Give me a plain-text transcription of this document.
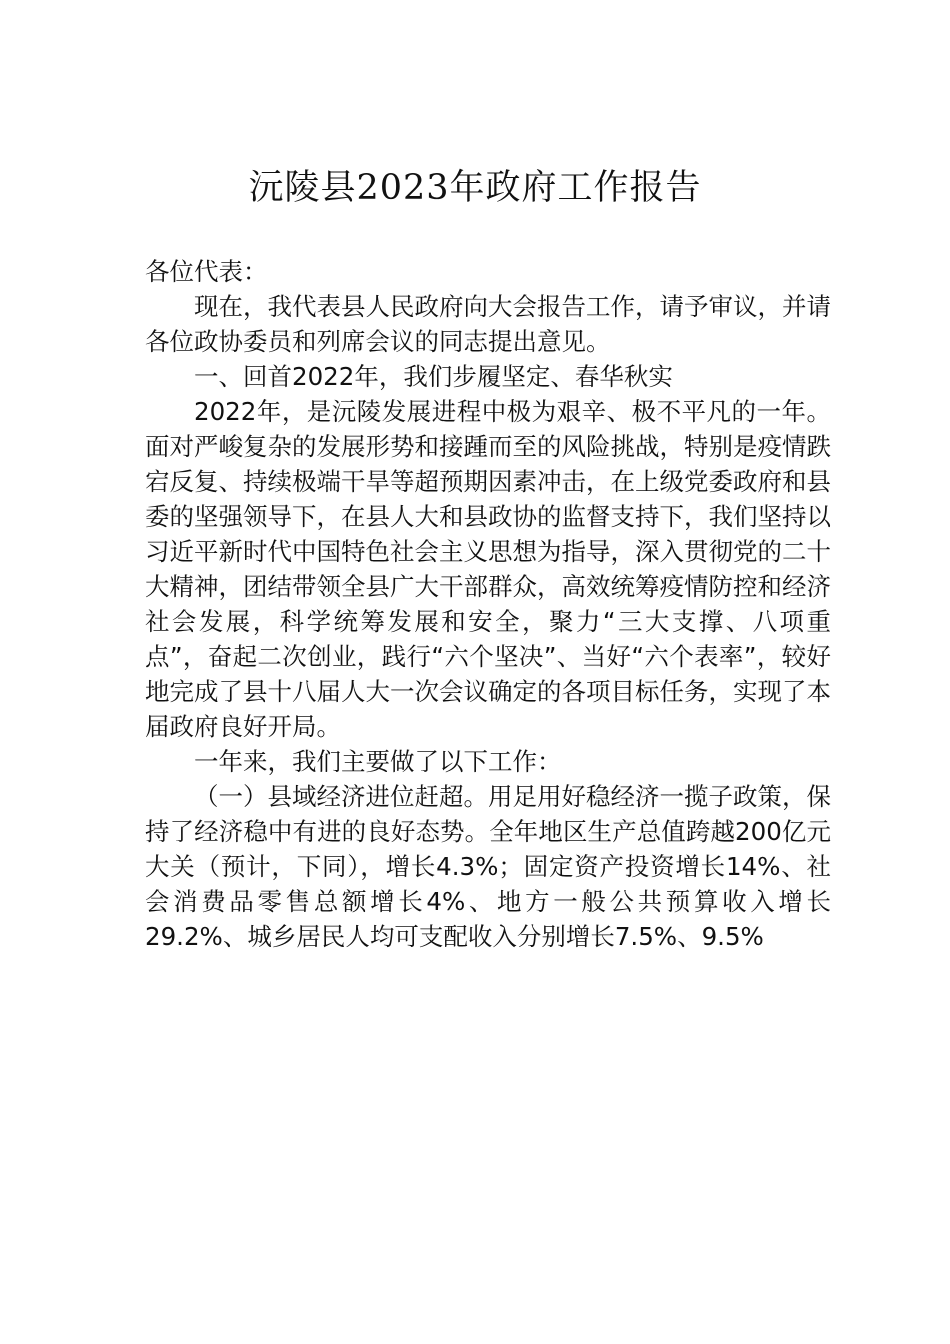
沅陵县2023年政府工作报告

各位代表：

现在，我代表县人民政府向大会报告工作，请予审议，并请各位政协委员和列席会议的同志提出意见。

一、回首2022年，我们步履坚定、春华秋实

2022年，是沅陵发展进程中极为艰辛、极不平凡的一年。面对严峻复杂的发展形势和接踵而至的风险挑战，特别是疫情跌宕反复、持续极端干旱等超预期因素冲击，在上级党委政府和县委的坚强领导下，在县人大和县政协的监督支持下，我们坚持以习近平新时代中国特色社会主义思想为指导，深入贯彻党的二十大精神，团结带领全县广大干部群众，高效统筹疫情防控和经济社会发展，科学统筹发展和安全，聚力“三大支撑、八项重点”，奋起二次创业，践行“六个坚决”、当好“六个表率”，较好地完成了县十八届人大一次会议确定的各项目标任务，实现了本届政府良好开局。

一年来，我们主要做了以下工作：

（一）县域经济进位赶超。用足用好稳经济一揽子政策，保持了经济稳中有进的良好态势。全年地区生产总值跨越200亿元大关（预计，下同），增长4.3%；固定资产投资增长14%、社会消费品零售总额增长4%、地方一般公共预算收入增长29.2%、城乡居民人均可支配收入分别增长7.5%、9.5%
